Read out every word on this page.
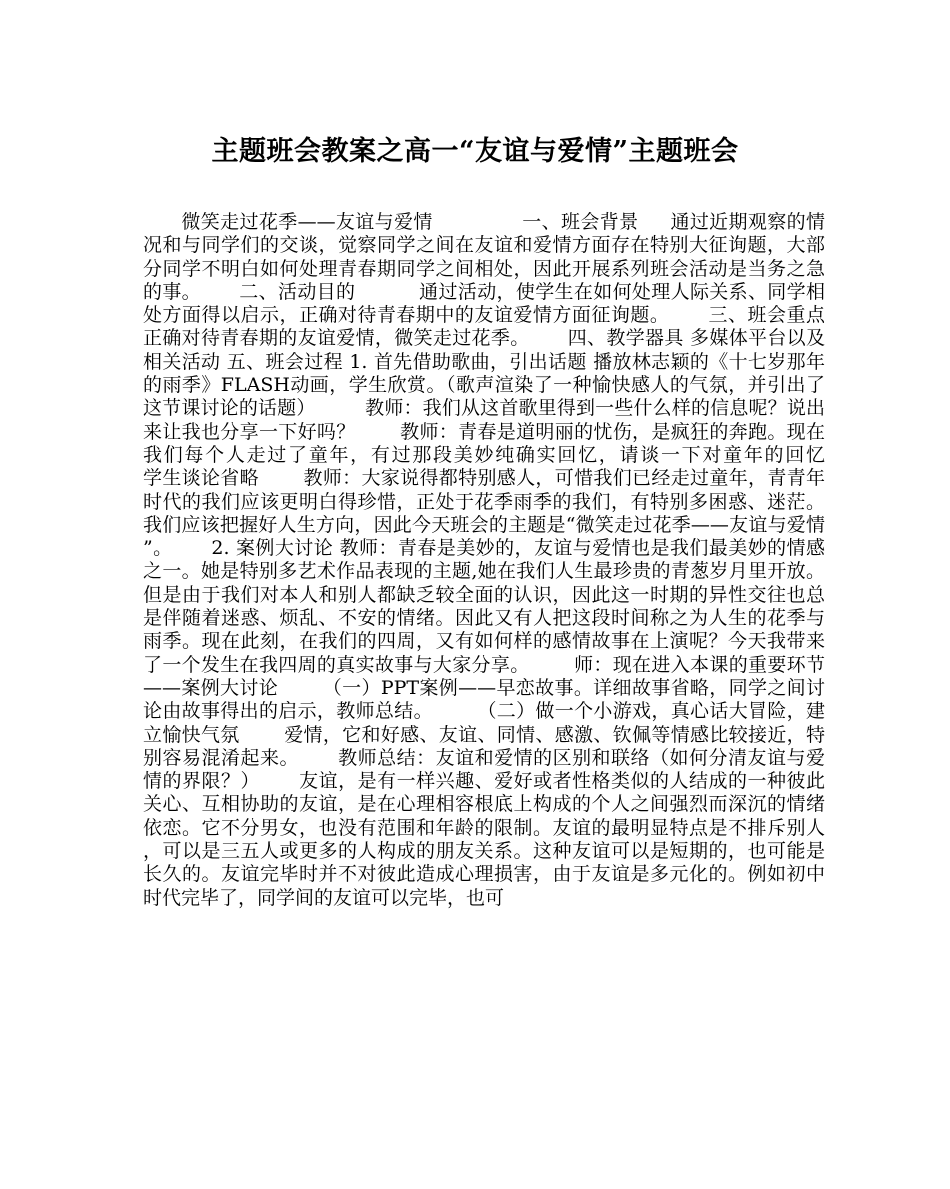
主题班会教案之高一“友谊与爱情”主题班会

微笑走过花季——友谊与爱情              一、班会背景     通过近期观察的情况和与同学们的交谈，觉察同学之间在友谊和爱情方面存在特别大征询题，大部分同学不明白如何处理青春期同学之间相处，因此开展系列班会活动是当务之急的事。      二、活动目的          通过活动，使学生在如何处理人际关系、同学相处方面得以启示，正确对待青春期中的友谊爱情方面征询题。      三、班会重点          正确对待青春期的友谊爱情，微笑走过花季。      四、教学器具 多媒体平台以及相关活动 五、班会过程 1. 首先借助歌曲，引出话题 播放林志颖的《十七岁那年的雨季》FLASH动画，学生欣赏。（歌声渲染了一种愉快感人的气氛，并引出了这节课讨论的话题）        教师：我们从这首歌里得到一些什么样的信息呢？说出来让我也分享一下好吗？       教师：青春是道明丽的忧伤，是疯狂的奔跑。现在我们每个人走过了童年，有过那段美妙纯确实回忆，请谈一下对童年的回忆       学生谈论省略       教师：大家说得都特别感人，可惜我们已经走过童年，青青年时代的我们应该更明白得珍惜，正处于花季雨季的我们，有特别多困惑、迷茫。我们应该把握好人生方向，因此今天班会的主题是“微笑走过花季——友谊与爱情”。      2. 案例大讨论 教师：青春是美妙的，友谊与爱情也是我们最美妙的情感之一。她是特别多艺术作品表现的主题,她在我们人生最珍贵的青葱岁月里开放。但是由于我们对本人和别人都缺乏较全面的认识，因此这一时期的异性交往也总是伴随着迷惑、烦乱、不安的情绪。因此又有人把这段时间称之为人生的花季与雨季。现在此刻，在我们的四周，又有如何样的感情故事在上演呢？今天我带来了一个发生在我四周的真实故事与大家分享。       师：现在进入本课的重要环节——案例大讨论       （一）PPT案例——早恋故事。详细故事省略，同学之间讨论由故事得出的启示，教师总结。       （二）做一个小游戏，真心话大冒险，建立愉快气氛       爱情，它和好感、友谊、同情、感激、钦佩等情感比较接近，特别容易混淆起来。      教师总结：友谊和爱情的区别和联络（如何分清友谊与爱情的界限？）      友谊，是有一样兴趣、爱好或者性格类似的人结成的一种彼此关心、互相协助的友谊，是在心理相容根底上构成的个人之间强烈而深沉的情绪依恋。它不分男女，也没有范围和年龄的限制。友谊的最明显特点是不排斥别人，可以是三五人或更多的人构成的朋友关系。这种友谊可以是短期的，也可能是长久的。友谊完毕时并不对彼此造成心理损害，由于友谊是多元化的。例如初中时代完毕了，同学间的友谊可以完毕，也可
